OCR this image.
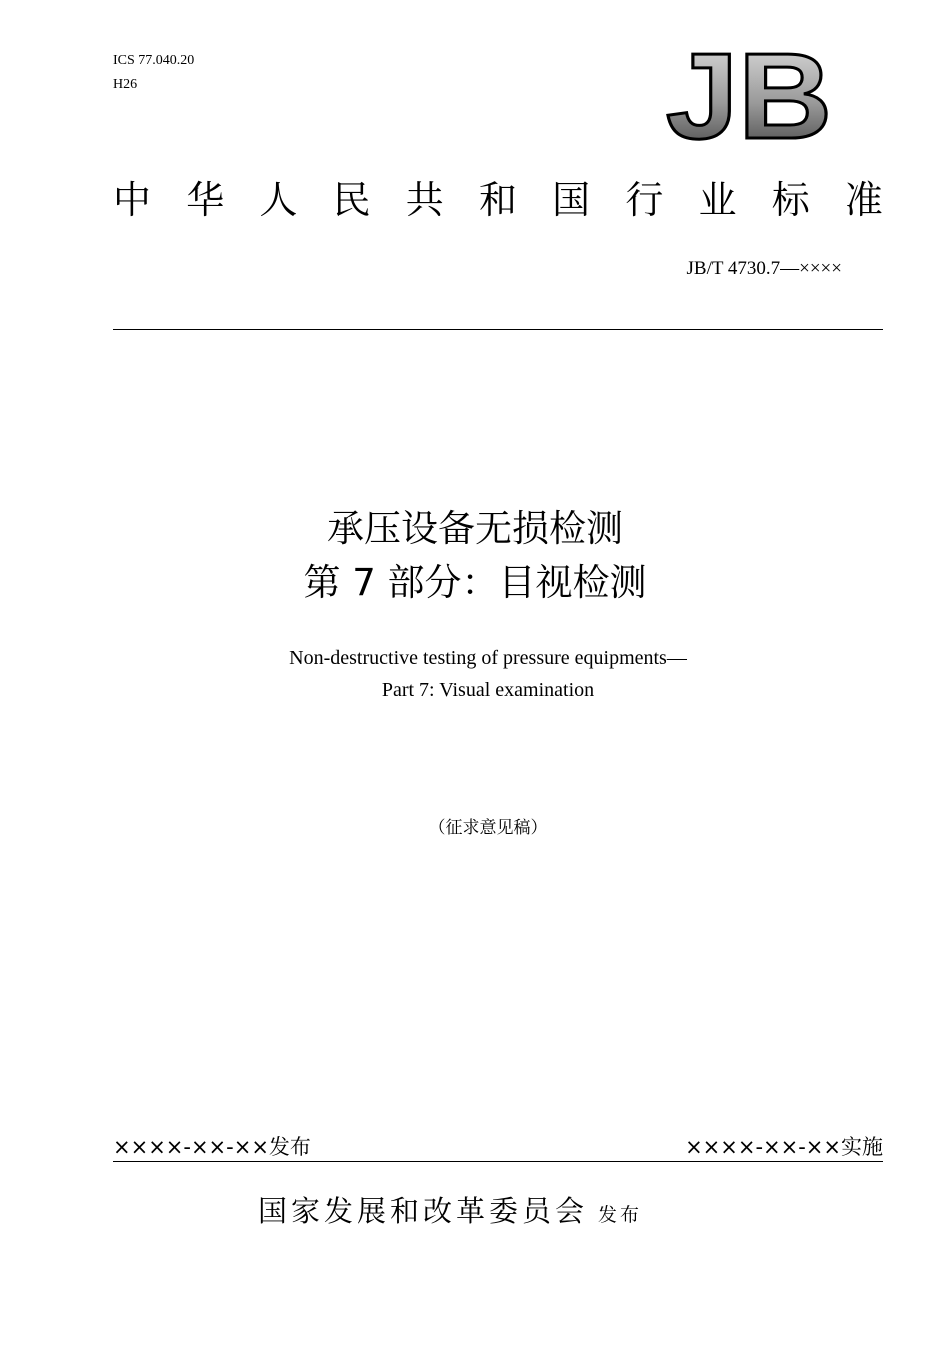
ICS 77.040.20
H26	JB
中 华 人 民 共 和 国 行 业 标 准
JB/T 4730.7—××××
承压设备无损检测
第 7 部分：目视检测
Non-destructive testing of pressure equipments—
Part 7: Visual examination
（征求意见稿）
××××-××-××发布	××××-××-××实施
国家发展和改革委员会 发布
